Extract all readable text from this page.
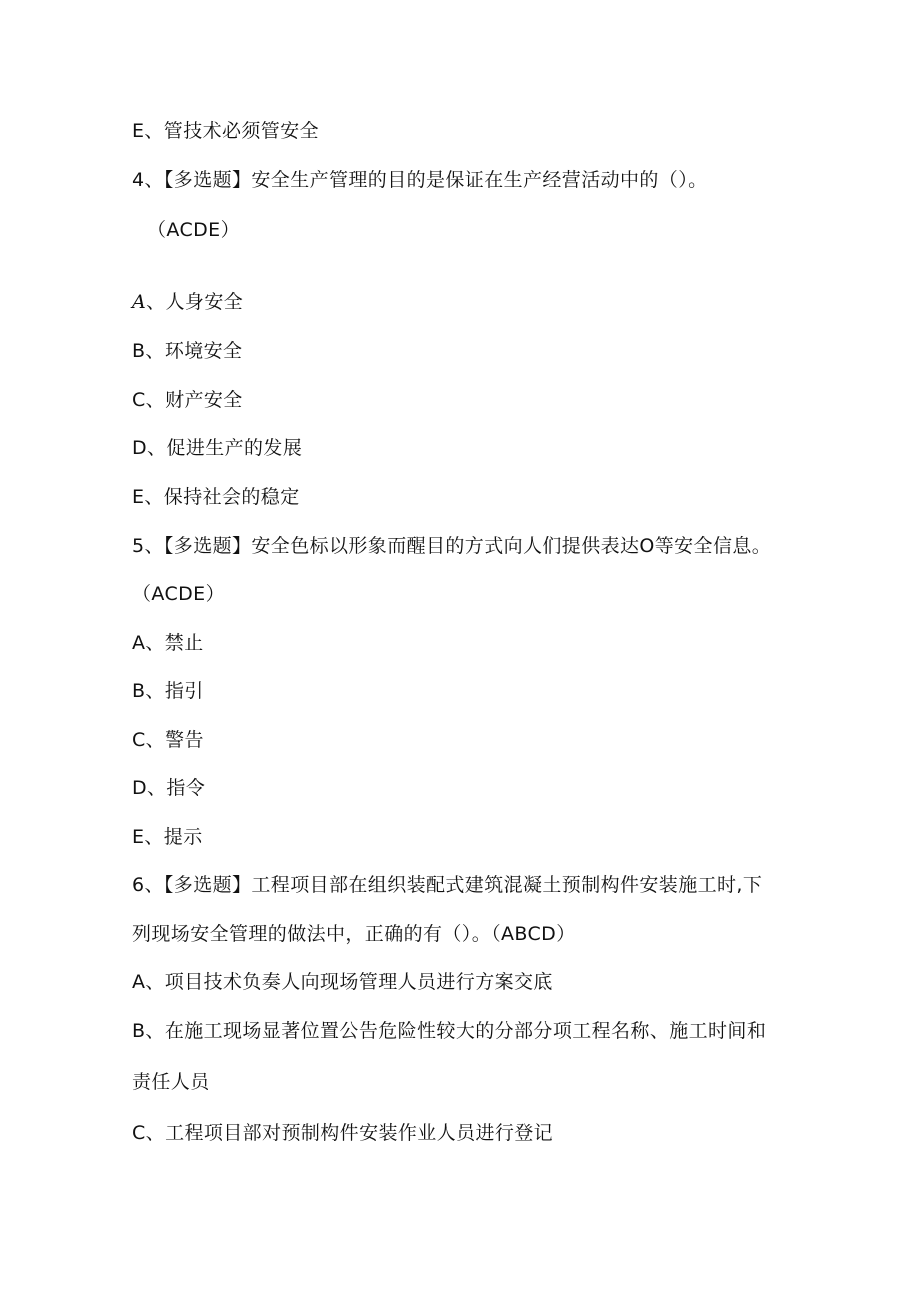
E、管技术必须管安全
4、【多选题】安全生产管理的目的是保证在生产经营活动中的（）。
（ACDE）
A、人身安全
B、环境安全
C、财产安全
D、促进生产的发展
E、保持社会的稳定
5、【多选题】安全色标以形象而醒目的方式向人们提供表达O等安全信息。
（ACDE）
A、禁止
B、指引
C、警告
D、指令
E、提示
6、【多选题】工程项目部在组织装配式建筑混凝土预制构件安装施工时,下
列现场安全管理的做法中，正确的有（）。（ABCD）
A、项目技术负奏人向现场管理人员进行方案交底
B、在施工现场显著位置公告危险性较大的分部分项工程名称、施工时间和
责任人员
C、工程项目部对预制构件安装作业人员进行登记
